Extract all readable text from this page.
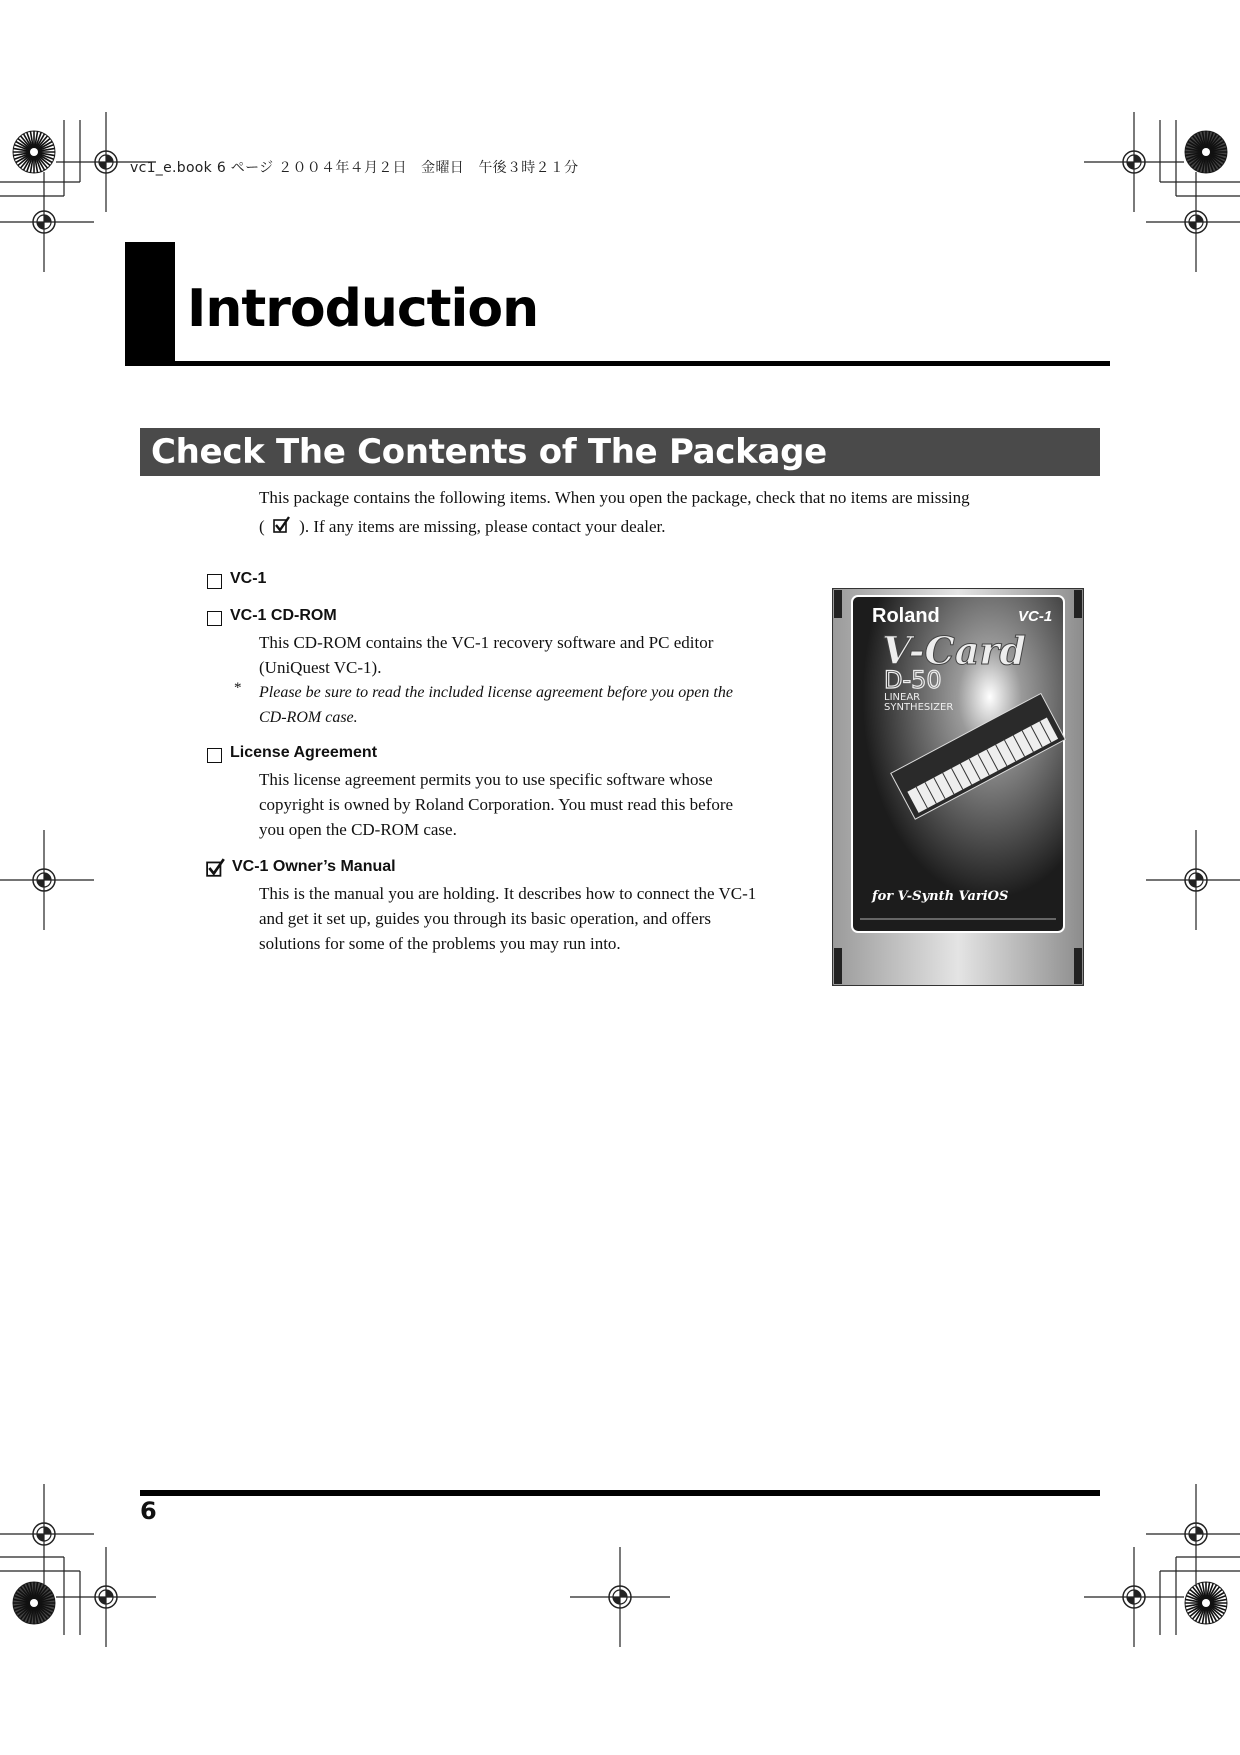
vc1_e.book 6 ページ ２００４年４月２日　金曜日　午後３時２１分
Introduction
Check The Contents of The Package
This package contains the following items. When you open the package, check that no items are missing
( ). If any items are missing, please contact your dealer.
VC-1
VC-1 CD-ROM
This CD-ROM contains the VC-1 recovery software and PC editor
(UniQuest VC-1).
* Please be sure to read the included license agreement before you open the
CD-ROM case.
License Agreement
This license agreement permits you to use specific software whose
copyright is owned by Roland Corporation. You must read this before
you open the CD-ROM case.
VC-1 Owner’s Manual
This is the manual you are holding. It describes how to connect the VC-1
and get it set up, guides you through its basic operation, and offers
solutions for some of the problems you may run into.
Roland	VC-1
V-Card
D-50
LINEAR
SYNTHESIZER
for V-Synth VariOS
6
